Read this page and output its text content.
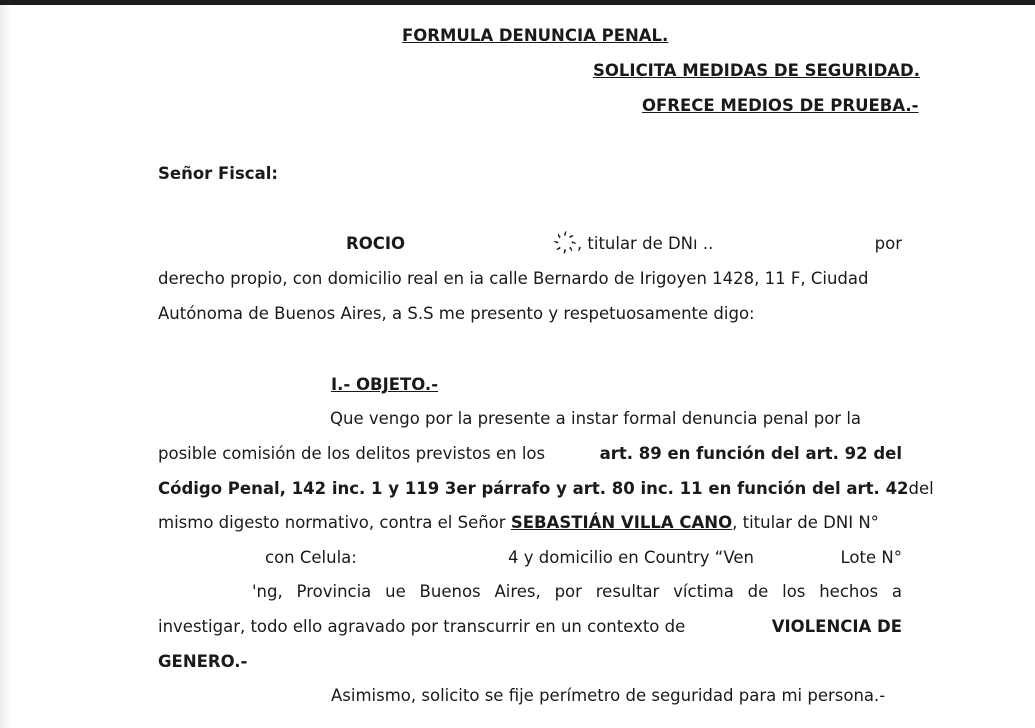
FORMULA DENUNCIA PENAL.
SOLICITA MEDIDAS DE SEGURIDAD.
OFRECE MEDIOS DE PRUEBA.-
Señor Fiscal:
ROCIO	҉, titular de DNı ..	por
derecho propio, con domicilio real en ia calle Bernardo de Irigoyen 1428, 11 F, Ciudad
Autónoma de Buenos Aires, a S.S me presento y respetuosamente digo:
I.- OBJETO.-
Que vengo por la presente a instar formal denuncia penal por la
posible comisión de los delitos previstos en los	art. 89 en función del art. 92 del
Código Penal, 142 inc. 1 y 119 3er párrafo y art. 80 inc. 11 en función del art. 42 del
mismo digesto normativo, contra el Señor SEBASTIÁN VILLA CANO, titular de DNI N°
con Celula:	4 y domicilio en Country “Ven	Lote N°
'ng, Provincia ue Buenos Aires, por resultar víctima de los hechos a
investigar, todo ello agravado por transcurrir en un contexto de	VIOLENCIA DE
GENERO.-
Asimismo, solicito se fije perímetro de seguridad para mi persona.-
